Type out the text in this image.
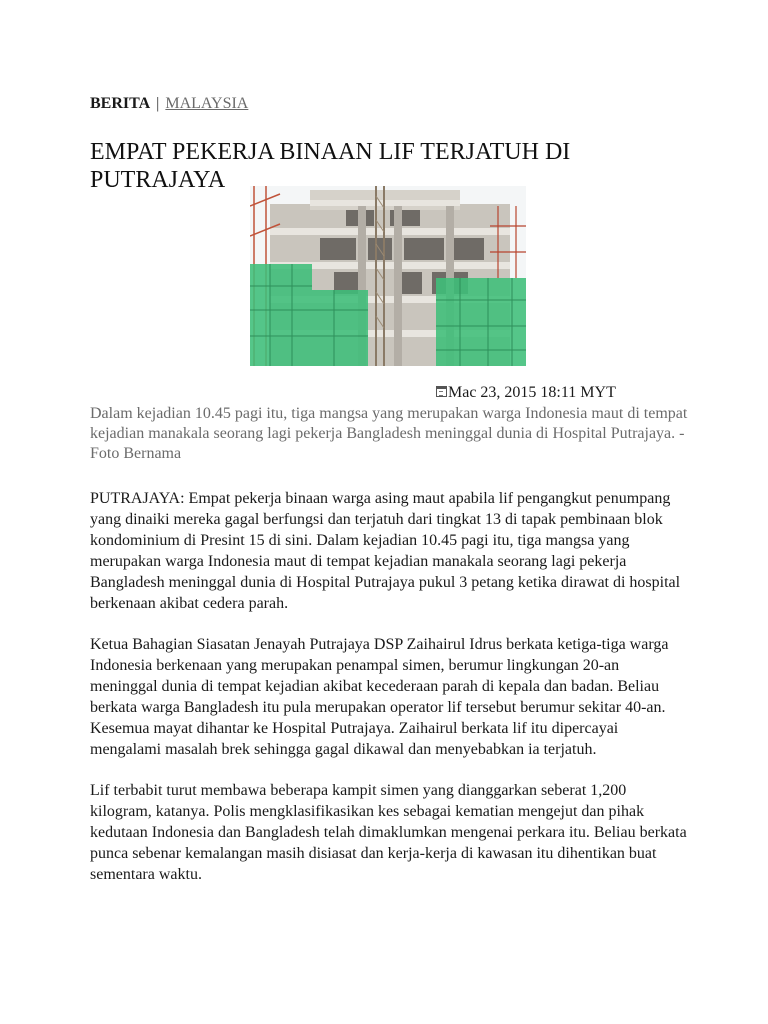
BERITA | MALAYSIA
EMPAT PEKERJA BINAAN LIF TERJATUH DI PUTRAJAYA
Mac 23, 2015 18:11 MYT

Dalam kejadian 10.45 pagi itu, tiga mangsa yang merupakan warga Indonesia maut di tempat kejadian manakala seorang lagi pekerja Bangladesh meninggal dunia di Hospital Putrajaya. - Foto Bernama

PUTRAJAYA: Empat pekerja binaan warga asing maut apabila lif pengangkut penumpang yang dinaiki mereka gagal berfungsi dan terjatuh dari tingkat 13 di tapak pembinaan blok kondominium di Presint 15 di sini. Dalam kejadian 10.45 pagi itu, tiga mangsa yang merupakan warga Indonesia maut di tempat kejadian manakala seorang lagi pekerja Bangladesh meninggal dunia di Hospital Putrajaya pukul 3 petang ketika dirawat di hospital berkenaan akibat cedera parah.

Ketua Bahagian Siasatan Jenayah Putrajaya DSP Zaihairul Idrus berkata ketiga-tiga warga Indonesia berkenaan yang merupakan penampal simen, berumur lingkungan 20-an meninggal dunia di tempat kejadian akibat kecederaan parah di kepala dan badan. Beliau berkata warga Bangladesh itu pula merupakan operator lif tersebut berumur sekitar 40-an. Kesemua mayat dihantar ke Hospital Putrajaya. Zaihairul berkata lif itu dipercayai mengalami masalah brek sehingga gagal dikawal dan menyebabkan ia terjatuh.

Lif terbabit turut membawa beberapa kampit simen yang dianggarkan seberat 1,200 kilogram, katanya. Polis mengklasifikasikan kes sebagai kematian mengejut dan pihak kedutaan Indonesia dan Bangladesh telah dimaklumkan mengenai perkara itu. Beliau berkata punca sebenar kemalangan masih disiasat dan kerja-kerja di kawasan itu dihentikan buat sementara waktu.
